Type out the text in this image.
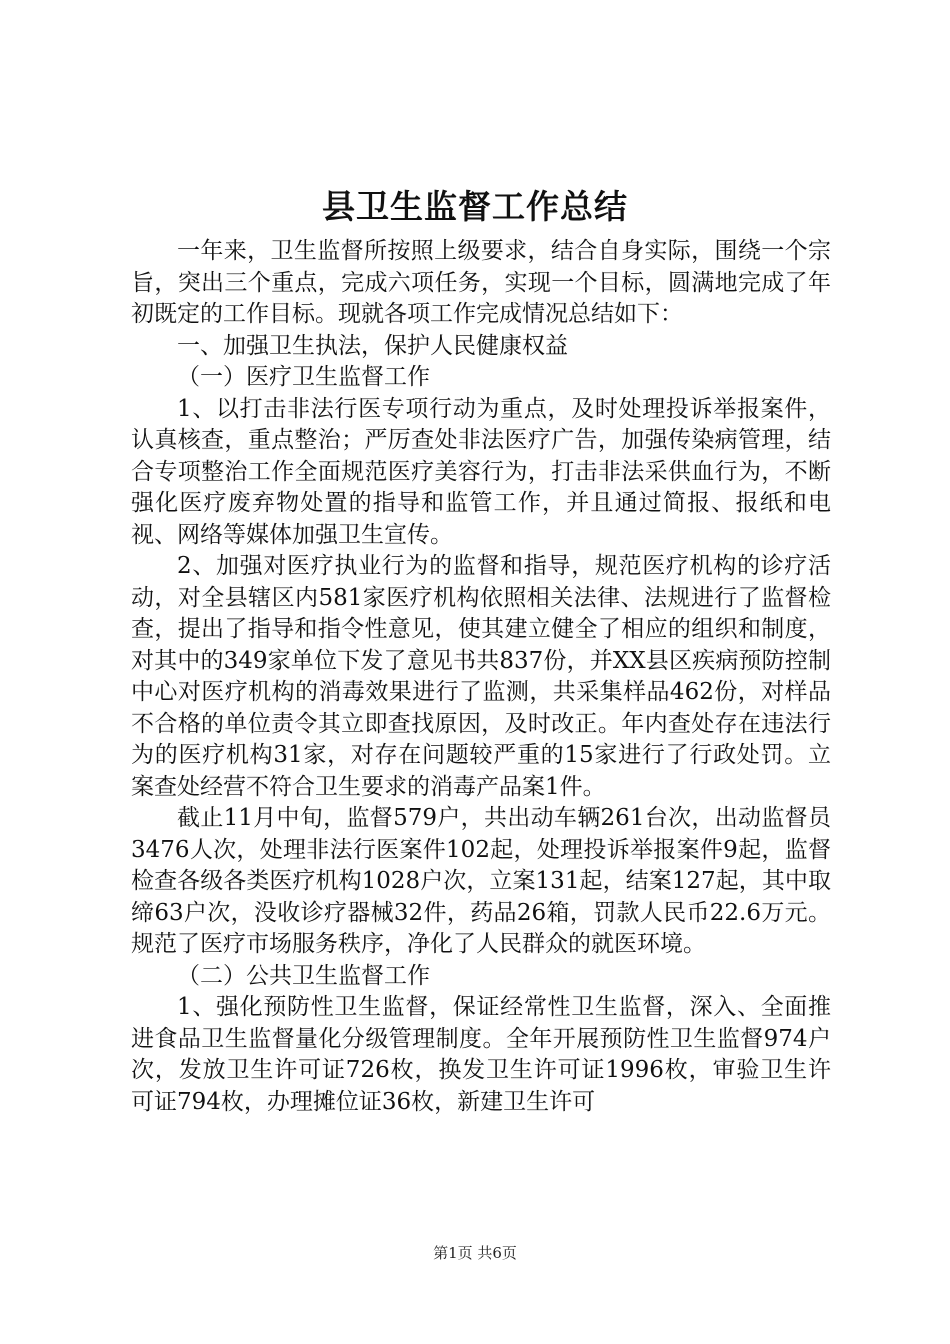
县卫生监督工作总结

一年来，卫生监督所按照上级要求，结合自身实际，围绕一个宗旨，突出三个重点，完成六项任务，实现一个目标，圆满地完成了年初既定的工作目标。现就各项工作完成情况总结如下：

一、加强卫生执法，保护人民健康权益

（一）医疗卫生监督工作

1、以打击非法行医专项行动为重点，及时处理投诉举报案件，认真核查，重点整治；严厉查处非法医疗广告，加强传染病管理，结合专项整治工作全面规范医疗美容行为，打击非法采供血行为，不断强化医疗废弃物处置的指导和监管工作，并且通过简报、报纸和电视、网络等媒体加强卫生宣传。

2、加强对医疗执业行为的监督和指导，规范医疗机构的诊疗活动，对全县辖区内581家医疗机构依照相关法律、法规进行了监督检查，提出了指导和指令性意见，使其建立健全了相应的组织和制度，对其中的349家单位下发了意见书共837份，并XX县区疾病预防控制中心对医疗机构的消毒效果进行了监测，共采集样品462份，对样品不合格的单位责令其立即查找原因，及时改正。年内查处存在违法行为的医疗机构31家，对存在问题较严重的15家进行了行政处罚。立案查处经营不符合卫生要求的消毒产品案1件。

截止11月中旬，监督579户，共出动车辆261台次，出动监督员3476人次，处理非法行医案件102起，处理投诉举报案件9起，监督检查各级各类医疗机构1028户次，立案131起，结案127起，其中取缔63户次，没收诊疗器械32件，药品26箱，罚款人民币22.6万元。规范了医疗市场服务秩序，净化了人民群众的就医环境。

（二）公共卫生监督工作

1、强化预防性卫生监督，保证经常性卫生监督，深入、全面推进食品卫生监督量化分级管理制度。全年开展预防性卫生监督974户次，发放卫生许可证726枚，换发卫生许可证1996枚，审验卫生许可证794枚，办理摊位证36枚，新建卫生许可

第1页 共6页
